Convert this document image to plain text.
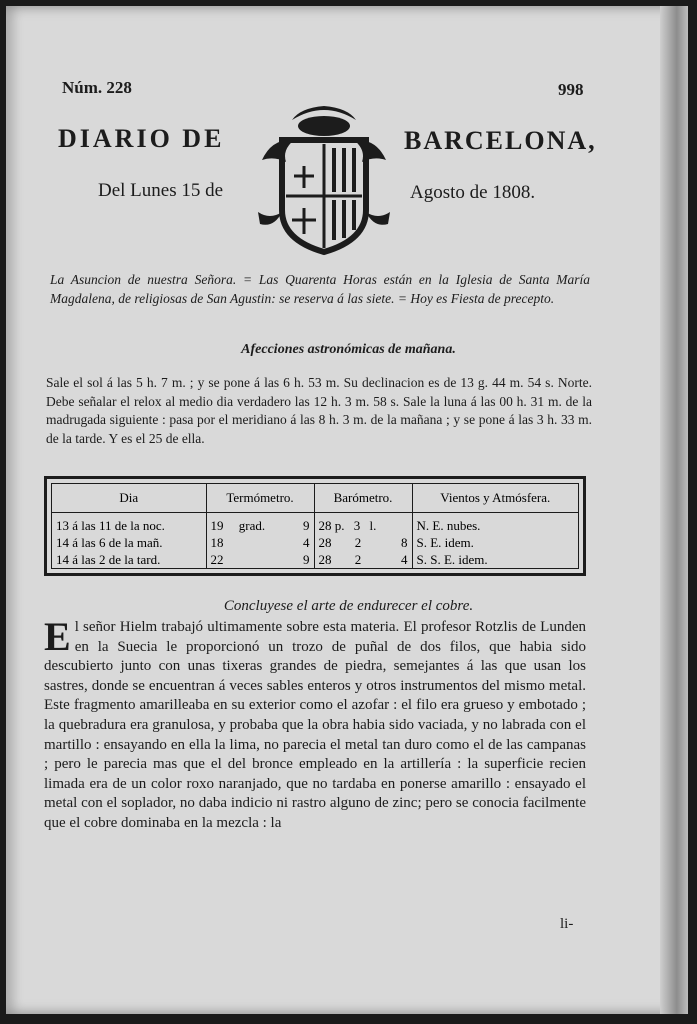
Núm. 228	998
DIARIO DE	BARCELONA,
Del Lunes 15 de	Agosto de 1808.
La Asuncion de nuestra Señora. = Las Quarenta Horas están en la Iglesia de Santa María Magdalena, de religiosas de San Agustin: se reserva á las siete. = Hoy es Fiesta de precepto.
Afecciones astronómicas de mañana.
Sale el sol á las 5 h. 7 m. ; y se pone á las 6 h. 53 m. Su declinacion es de 13 g. 44 m. 54 s. Norte. Debe señalar el relox al medio dia verdadero las 12 h. 3 m. 58 s. Sale la luna á las 00 h. 31 m. de la madrugada siguiente : pasa por el meridiano á las 8 h. 3 m. de la mañana ; y se pone á las 3 h. 33 m. de la tarde. Y es el 25 de ella.
Dia	Termómetro.	Barómetro.	Vientos y Atmósfera.
13 á las 11 de la noc.	19 grad. 9	28 p. 3 l.	N. E. nubes.
14 á las 6 de la mañ.	18 4	28 2 8	S. E. idem.
14 á las 2 de la tard.	22 9	28 2 4	S. S. E. idem.
Concluyese el arte de endurecer el cobre.
E l señor Hielm trabajó ultimamente sobre esta materia. El profesor Rotzlis de Lunden en la Suecia le proporcionó un trozo de puñal de dos filos, que habia sido descubierto junto con unas tixeras grandes de piedra, semejantes á las que usan los sastres, donde se encuentran á veces sables enteros y otros instrumentos del mismo metal. Este fragmento amarilleaba en su exterior como el azofar : el filo era grueso y embotado ; la quebradura era granulosa, y probaba que la obra habia sido vaciada, y no labrada con el martillo : ensayando en ella la lima, no parecia el metal tan duro como el de las campanas ; pero le parecia mas que el del bronce empleado en la artillería : la superficie recien limada era de un color roxo naranjado, que no tardaba en ponerse amarillo : ensayado el metal con el soplador, no daba indicio ni rastro alguno de zinc; pero se conocia facilmente que el cobre dominaba en la mezcla : la
li-
